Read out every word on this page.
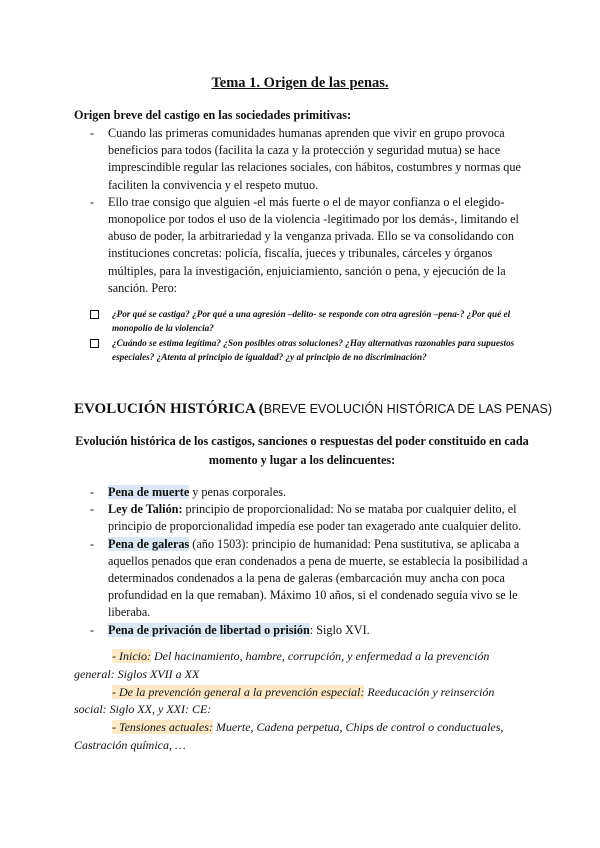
Tema 1. Origen de las penas.
Origen breve del castigo en las sociedades primitivas:
- Cuando las primeras comunidades humanas aprenden que vivir en grupo provoca beneficios para todos (facilita la caza y la protección y seguridad mutua) se hace imprescindible regular las relaciones sociales, con hábitos, costumbres y normas que faciliten la convivencia y el respeto mutuo.
- Ello trae consigo que alguien -el más fuerte o el de mayor confianza o el elegido- monopolice por todos el uso de la violencia -legitimado por los demás-, limitando el abuso de poder, la arbitrariedad y la venganza privada. Ello se va consolidando con instituciones concretas: policía, fiscalía, jueces y tribunales, cárceles y órganos múltiples, para la investigación, enjuiciamiento, sanción o pena, y ejecución de la sanción. Pero:
¿Por qué se castiga? ¿Por qué a una agresión –delito- se responde con otra agresión –pena-? ¿Por qué el monopolio de la violencia?
¿Cuándo se estima legítima? ¿Son posibles otras soluciones? ¿Hay alternativas razonables para supuestos especiales? ¿Atenta al principio de igualdad? ¿y al principio de no discriminación?
EVOLUCIÓN HISTÓRICA (BREVE EVOLUCIÓN HISTÓRICA DE LAS PENAS)
Evolución histórica de los castigos, sanciones o respuestas del poder constituido en cada momento y lugar a los delincuentes:
- Pena de muerte y penas corporales.
- Ley de Talión: principio de proporcionalidad: No se mataba por cualquier delito, el principio de proporcionalidad impedía ese poder tan exagerado ante cualquier delito.
- Pena de galeras (año 1503): principio de humanidad: Pena sustitutiva, se aplicaba a aquellos penados que eran condenados a pena de muerte, se establecía la posibilidad a determinados condenados a la pena de galeras (embarcación muy ancha con poca profundidad en la que remaban). Máximo 10 años, si el condenado seguía vivo se le liberaba.
- Pena de privación de libertad o prisión: Siglo XVI.

- Inicio: Del hacinamiento, hambre, corrupción, y enfermedad a la prevención general: Siglos XVII a XX

- De la prevención general a la prevención especial: Reeducación y reinserción social: Siglo XX, y XXI: CE:

- Tensiones actuales: Muerte, Cadena perpetua, Chips de control o conductuales, Castración química, …
